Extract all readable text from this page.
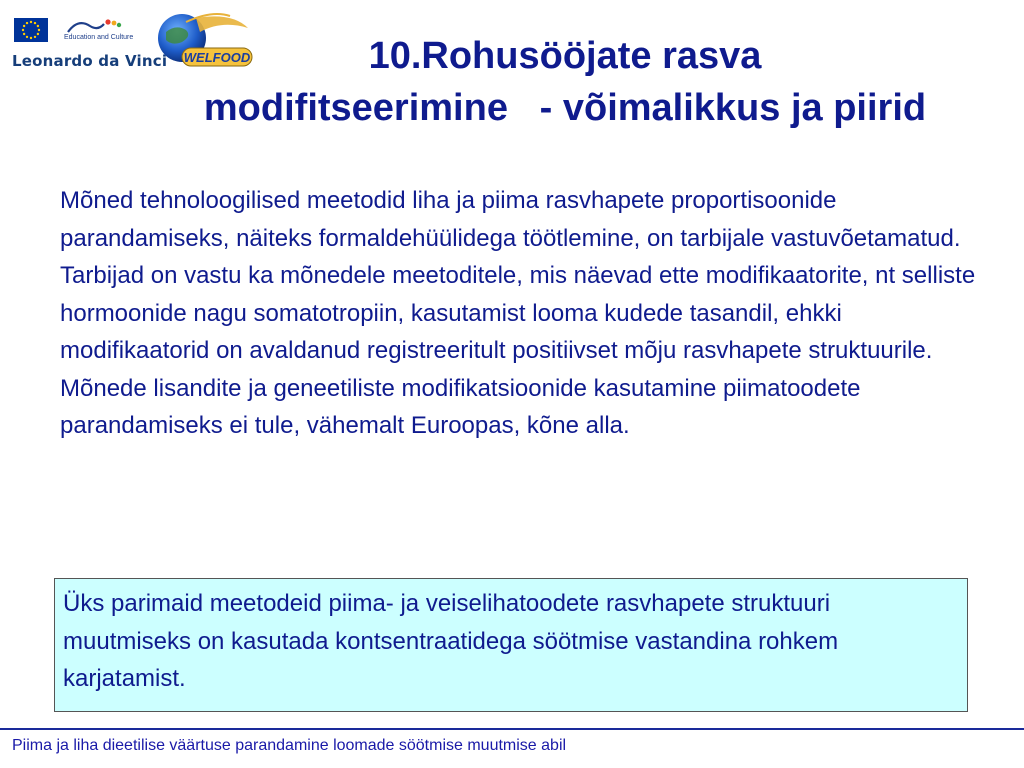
Education and Culture
Leonardo da Vinci WELFOOD	10.Rohusööjate rasva
modifitseerimine   - võimalikkus ja piirid

Mõned tehnoloogilised meetodid liha ja piima rasvhapete proportisoonide parandamiseks, näiteks formaldehüülidega töötlemine, on tarbijale vastuvõetamatud.

Tarbijad on vastu ka mõnedele meetoditele, mis näevad ette modifikaatorite, nt selliste hormoonide nagu somatotropiin, kasutamist looma kudede tasandil, ehkki modifikaatorid on avaldanud registreeritult positiivset mõju rasvhapete struktuurile.

Mõnede lisandite ja geneetiliste modifikatsioonide kasutamine piimatoodete parandamiseks ei tule, vähemalt Euroopas, kõne alla.

Üks parimaid meetodeid piima- ja veiselihatoodete rasvhapete struktuuri muutmiseks on kasutada kontsentraatidega söötmise vastandina rohkem karjatamist.
Piima ja liha dieetilise väärtuse parandamine loomade söötmise muutmise abil
